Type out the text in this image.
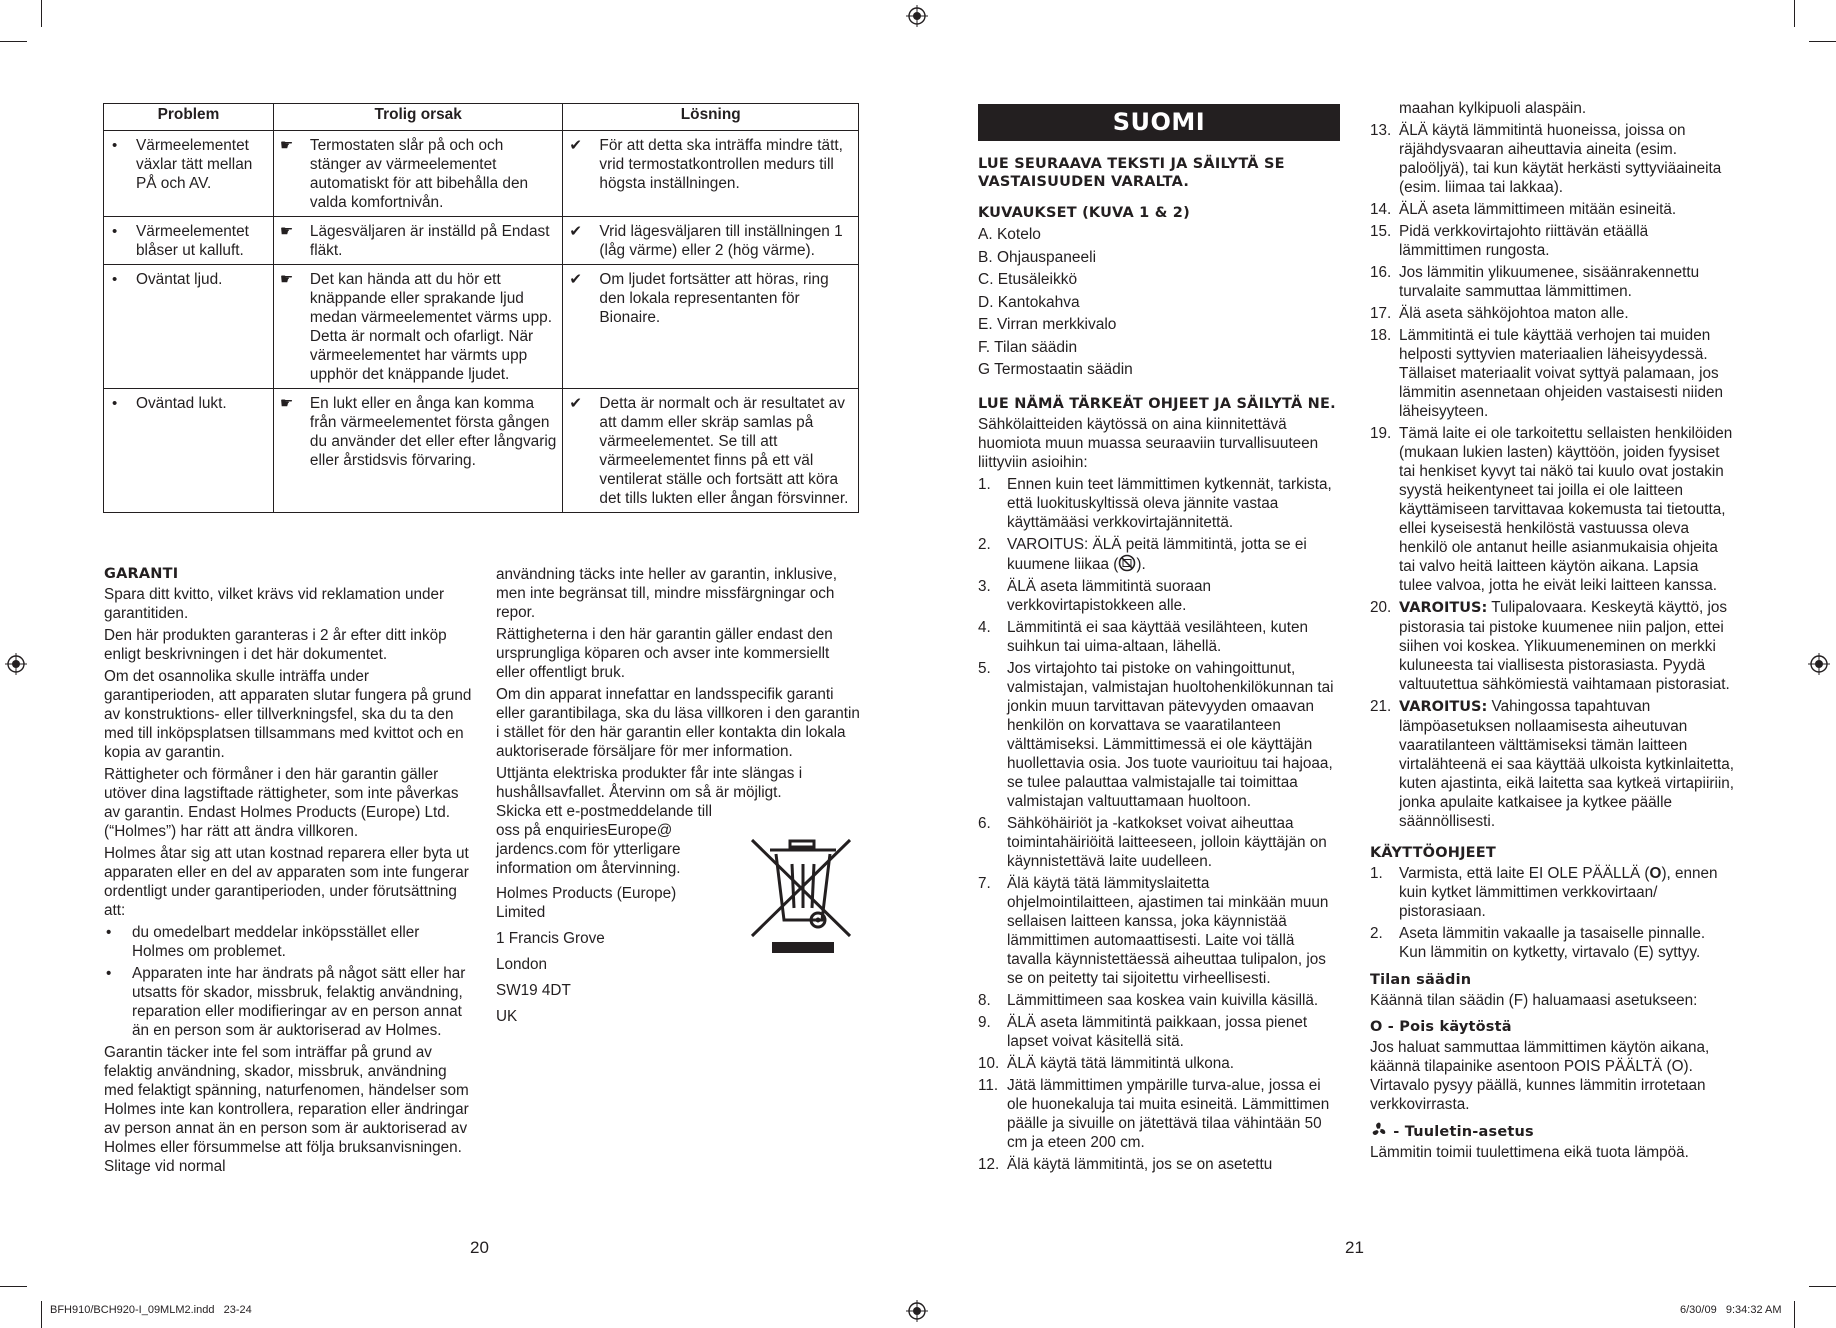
Problem	Trolig orsak	Lösning

• Värmeelementet växlar tätt mellan PÅ och AV.	☛ Termostaten slår på och och stänger av värmeelementet automatiskt för att bibehålla den valda komfortnivån.	✔ För att detta ska inträffa mindre tätt, vrid termostatkontrollen medurs till högsta inställningen.

• Värmeelementet blåser ut kalluft.	☛ Lägesväljaren är inställd på Endast fläkt.	✔ Vrid lägesväljaren till inställningen 1 (låg värme) eller 2 (hög värme).

• Oväntat ljud.	☛ Det kan hända att du hör ett knäppande eller sprakande ljud medan värmeelementet värms upp. Detta är normalt och ofarligt. När värmeelementet har värmts upp upphör det knäppande ljudet.	✔ Om ljudet fortsätter att höras, ring den lokala representanten för Bionaire.

• Oväntad lukt.	☛ En lukt eller en ånga kan komma från värmeelementet första gången du använder det eller efter långvarig eller årstidsvis förvaring.	✔ Detta är normalt och är resultatet av att damm eller skräp samlas på värmeelementet. Se till att värmeelementet finns på ett väl ventilerat ställe och fortsätt att köra det tills lukten eller ångan försvinner.
GARANTI

Spara ditt kvitto, vilket krävs vid reklamation under garantitiden.

Den här produkten garanteras i 2 år efter ditt inköp enligt beskrivningen i det här dokumentet.

Om det osannolika skulle inträffa under garantiperioden, att apparaten slutar fungera på grund av konstruktions- eller tillverkningsfel, ska du ta den med till inköpsplatsen tillsammans med kvittot och en kopia av garantin.

Rättigheter och förmåner i den här garantin gäller utöver dina lagstiftade rättigheter, som inte påverkas av garantin. Endast Holmes Products (Europe) Ltd. (“Holmes”) har rätt att ändra villkoren.

Holmes åtar sig att utan kostnad reparera eller byta ut apparaten eller en del av apparaten som inte fungerar ordentligt under garantiperioden, under förutsättning att:

•	du omedelbart meddelar inköpsstället eller Holmes om problemet.
•	Apparaten inte har ändrats på något sätt eller har utsatts för skador, missbruk, felaktig användning, reparation eller modifieringar av en person annat än en person som är auktoriserad av Holmes.

Garantin täcker inte fel som inträffar på grund av felaktig användning, skador, missbruk, användning med felaktigt spänning, naturfenomen, händelser som Holmes inte kan kontrollera, reparation eller ändringar av person annat än en person som är auktoriserad av Holmes eller försummelse att följa bruksanvisningen. Slitage vid normal

användning täcks inte heller av garantin, inklusive, men inte begränsat till, mindre missfärgningar och repor.

Rättigheterna i den här garantin gäller endast den ursprungliga köparen och avser inte kommersiellt eller offentligt bruk.

Om din apparat innefattar en landsspecifik garanti eller garantibilaga, ska du läsa villkoren i den garantin i stället för den här garantin eller kontakta din lokala auktoriserade försäljare för mer information.

Uttjänta elektriska produkter får inte slängas i hushållsavfallet. Återvinn om så är möjligt.

Skicka ett e-postmeddelande till
oss på enquiriesEurope@
jardencs.com för ytterligare
information om återvinning.

Holmes Products (Europe) Limited

1 Francis Grove

London

SW19 4DT

UK

20
SUOMI
LUE SEURAAVA TEKSTI JA SÄILYTÄ SE VASTAISUUDEN VARALTA.
KUVAUKSET (KUVA 1 & 2)
A. Kotelo
B. Ohjauspaneeli
C. Etusäleikkö
D. Kantokahva
E. Virran merkkivalo
F. Tilan säädin
G Termostaatin säädin
LUE NÄMÄ TÄRKEÄT OHJEET JA SÄILYTÄ NE.

Sähkölaitteiden käytössä on aina kiinnitettävä huomiota muun muassa seuraaviin turvallisuuteen liittyviin asioihin:

1.	Ennen kuin teet lämmittimen kytkennät, tarkista, että luokituskyltissä oleva jännite vastaa käyttämääsi verkkovirtajännitettä.
2.	VAROITUS: ÄLÄ peitä lämmitintä, jotta se ei kuumene liikaa ( ).
3.	ÄLÄ aseta lämmitintä suoraan verkkovirtapistokkeen alle.
4.	Lämmitintä ei saa käyttää vesilähteen, kuten suihkun tai uima-altaan, lähellä.
5.	Jos virtajohto tai pistoke on vahingoittunut, valmistajan, valmistajan huoltohenkilökunnan tai jonkin muun tarvittavan pätevyyden omaavan henkilön on korvattava se vaaratilanteen välttämiseksi. Lämmittimessä ei ole käyttäjän huollettavia osia. Jos tuote vaurioituu tai hajoaa, se tulee palauttaa valmistajalle tai toimittaa valmistajan valtuuttamaan huoltoon.
6.	Sähköhäiriöt ja -katkokset voivat aiheuttaa toimintahäiriöitä laitteeseen, jolloin käyttäjän on käynnistettävä laite uudelleen.
7.	Älä käytä tätä lämmityslaitetta ohjelmointilaitteen, ajastimen tai minkään muun sellaisen laitteen kanssa, joka käynnistää lämmittimen automaattisesti. Laite voi tällä tavalla käynnistettäessä aiheuttaa tulipalon, jos se on peitetty tai sijoitettu virheellisesti.
8.	Lämmittimeen saa koskea vain kuivilla käsillä.
9.	ÄLÄ aseta lämmitintä paikkaan, jossa pienet lapset voivat käsitellä sitä.
10. ÄLÄ käytä tätä lämmitintä ulkona.
11. Jätä lämmittimen ympärille turva-alue, jossa ei ole huonekaluja tai muita esineitä. Lämmittimen päälle ja sivuille on jätettävä tilaa vähintään 50 cm ja eteen 200 cm.
12. Älä käytä lämmitintä, jos se on asetettu
maahan kylkipuoli alaspäin.
13. ÄLÄ käytä lämmitintä huoneissa, joissa on räjähdysvaaran aiheuttavia aineita (esim. paloöljyä), tai kun käytät herkästi syttyviäaineita (esim. liimaa tai lakkaa).
14. ÄLÄ aseta lämmittimeen mitään esineitä.
15. Pidä verkkovirtajohto riittävän etäällä lämmittimen rungosta.
16. Jos lämmitin ylikuumenee, sisäänrakennettu turvalaite sammuttaa lämmittimen.
17. Älä aseta sähköjohtoa maton alle.
18. Lämmitintä ei tule käyttää verhojen tai muiden helposti syttyvien materiaalien läheisyydessä. Tällaiset materiaalit voivat syttyä palamaan, jos lämmitin asennetaan ohjeiden vastaisesti niiden läheisyyteen.
19. Tämä laite ei ole tarkoitettu sellaisten henkilöiden (mukaan lukien lasten) käyttöön, joiden fyysiset tai henkiset kyvyt tai näkö tai kuulo ovat jostakin syystä heikentyneet tai joilla ei ole laitteen käyttämiseen tarvittavaa kokemusta tai tietoutta, ellei kyseisestä henkilöstä vastuussa oleva henkilö ole antanut heille asianmukaisia ohjeita tai valvo heitä laitteen käytön aikana. Lapsia tulee valvoa, jotta he eivät leiki laitteen kanssa.
20. VAROITUS: Tulipalovaara. Keskeytä käyttö, jos pistorasia tai pistoke kuumenee niin paljon, ettei siihen voi koskea. Ylikuumeneminen on merkki kuluneesta tai viallisesta pistorasiasta. Pyydä valtuutettua sähkömiestä vaihtamaan pistorasiat.
21. VAROITUS: Vahingossa tapahtuvan lämpöasetuksen nollaamisesta aiheutuvan vaaratilanteen välttämiseksi tämän laitteen virtalähteenä ei saa käyttää ulkoista kytkinlaitetta, kuten ajastinta, eikä laitetta saa kytkeä virtapiiriin, jonka apulaite katkaisee ja kytkee päälle säännöllisesti.
KÄYTTÖOHJEET
1.	Varmista, että laite EI OLE PÄÄLLÄ (O), ennen kuin kytket lämmittimen verkkovirtaan/ pistorasiaan.
2.	Aseta lämmitin vakaalle ja tasaiselle pinnalle. Kun lämmitin on kytketty, virtavalo (E) syttyy.
Tilan säädin

Käännä tilan säädin (F) haluamaasi asetukseen:

O - Pois käytöstä

Jos haluat sammuttaa lämmittimen käytön aikana, käännä tilapainike asentoon POIS PÄÄLTÄ (O). Virtavalo pysyy päällä, kunnes lämmitin irrotetaan verkkovirrasta.

- Tuuletin-asetus

Lämmitin toimii tuulettimena eikä tuota lämpöä.

21
BFH910/BCH920-I_09MLM2.indd   23-24	6/30/09   9:34:32 AM
